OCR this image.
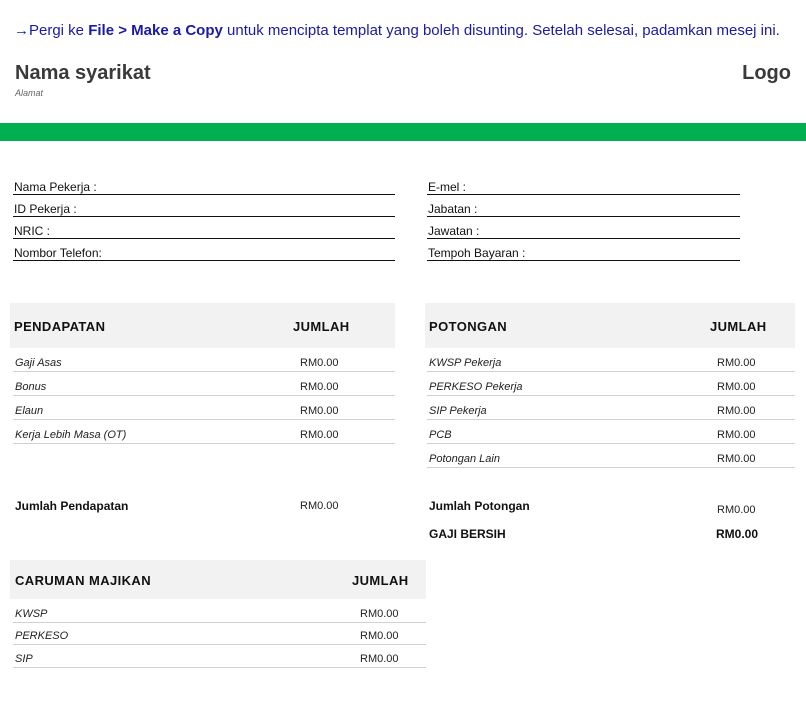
→Pergi ke File > Make a Copy untuk mencipta templat yang boleh disunting. Setelah selesai, padamkan mesej ini.
Nama syarikat
Alamat
Logo
Nama Pekerja :
ID Pekerja :
NRIC :
Nombor Telefon:
E-mel :
Jabatan :
Jawatan :
Tempoh Bayaran :
PENDAPATAN	JUMLAH
Gaji Asas	RM0.00
Bonus	RM0.00
Elaun	RM0.00
Kerja Lebih Masa (OT)	RM0.00
Jumlah Pendapatan	RM0.00
POTONGAN	JUMLAH
KWSP Pekerja	RM0.00
PERKESO Pekerja	RM0.00
SIP Pekerja	RM0.00
PCB	RM0.00
Potongan Lain	RM0.00
Jumlah Potongan	RM0.00
GAJI BERSIH	RM0.00
CARUMAN MAJIKAN	JUMLAH
KWSP	RM0.00
PERKESO	RM0.00
SIP	RM0.00
